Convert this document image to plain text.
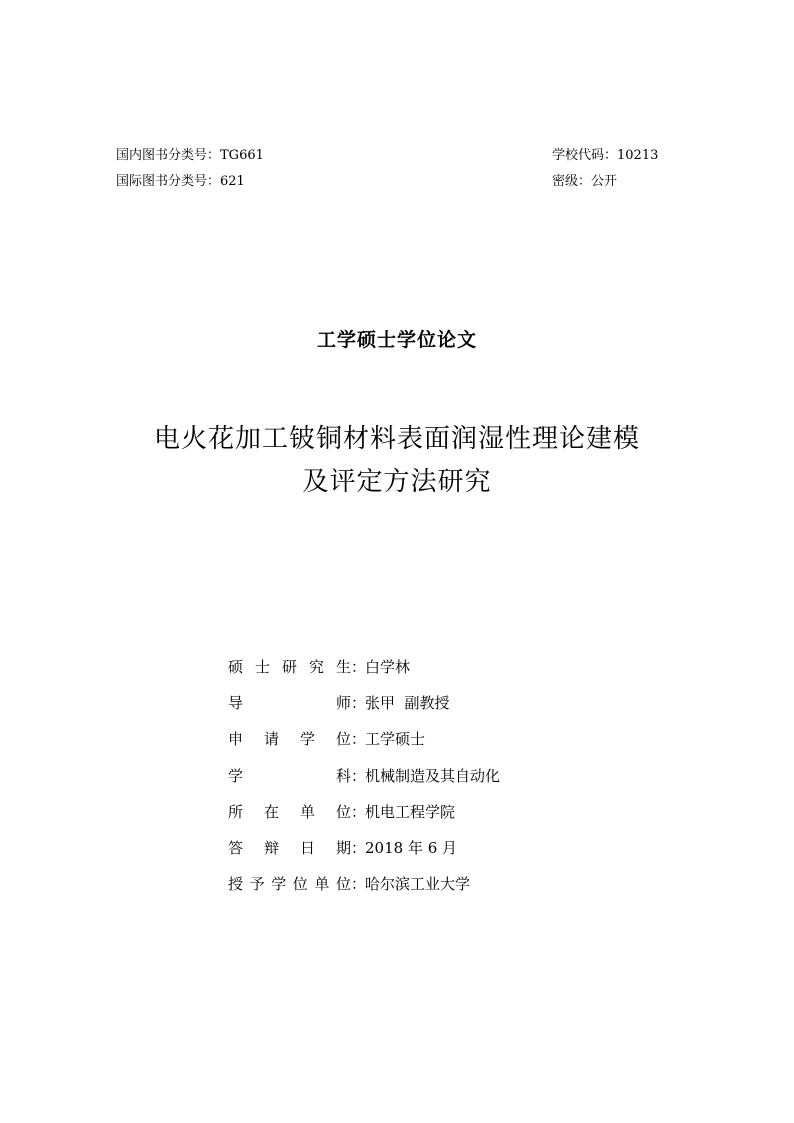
国内图书分类号：TG661
国际图书分类号：621
学校代码：10213
密级：公开
工学硕士学位论文
电火花加工铍铜材料表面润湿性理论建模
及评定方法研究
硕士研究生 ：
白学林
导师 ：
张甲  副教授
申请学位 ：
工学硕士
学科 ：
机械制造及其自动化
所在单位 ：
机电工程学院
答辩日期 ：
2018 年 6 月
授予学位单位 ：
哈尔滨工业大学
